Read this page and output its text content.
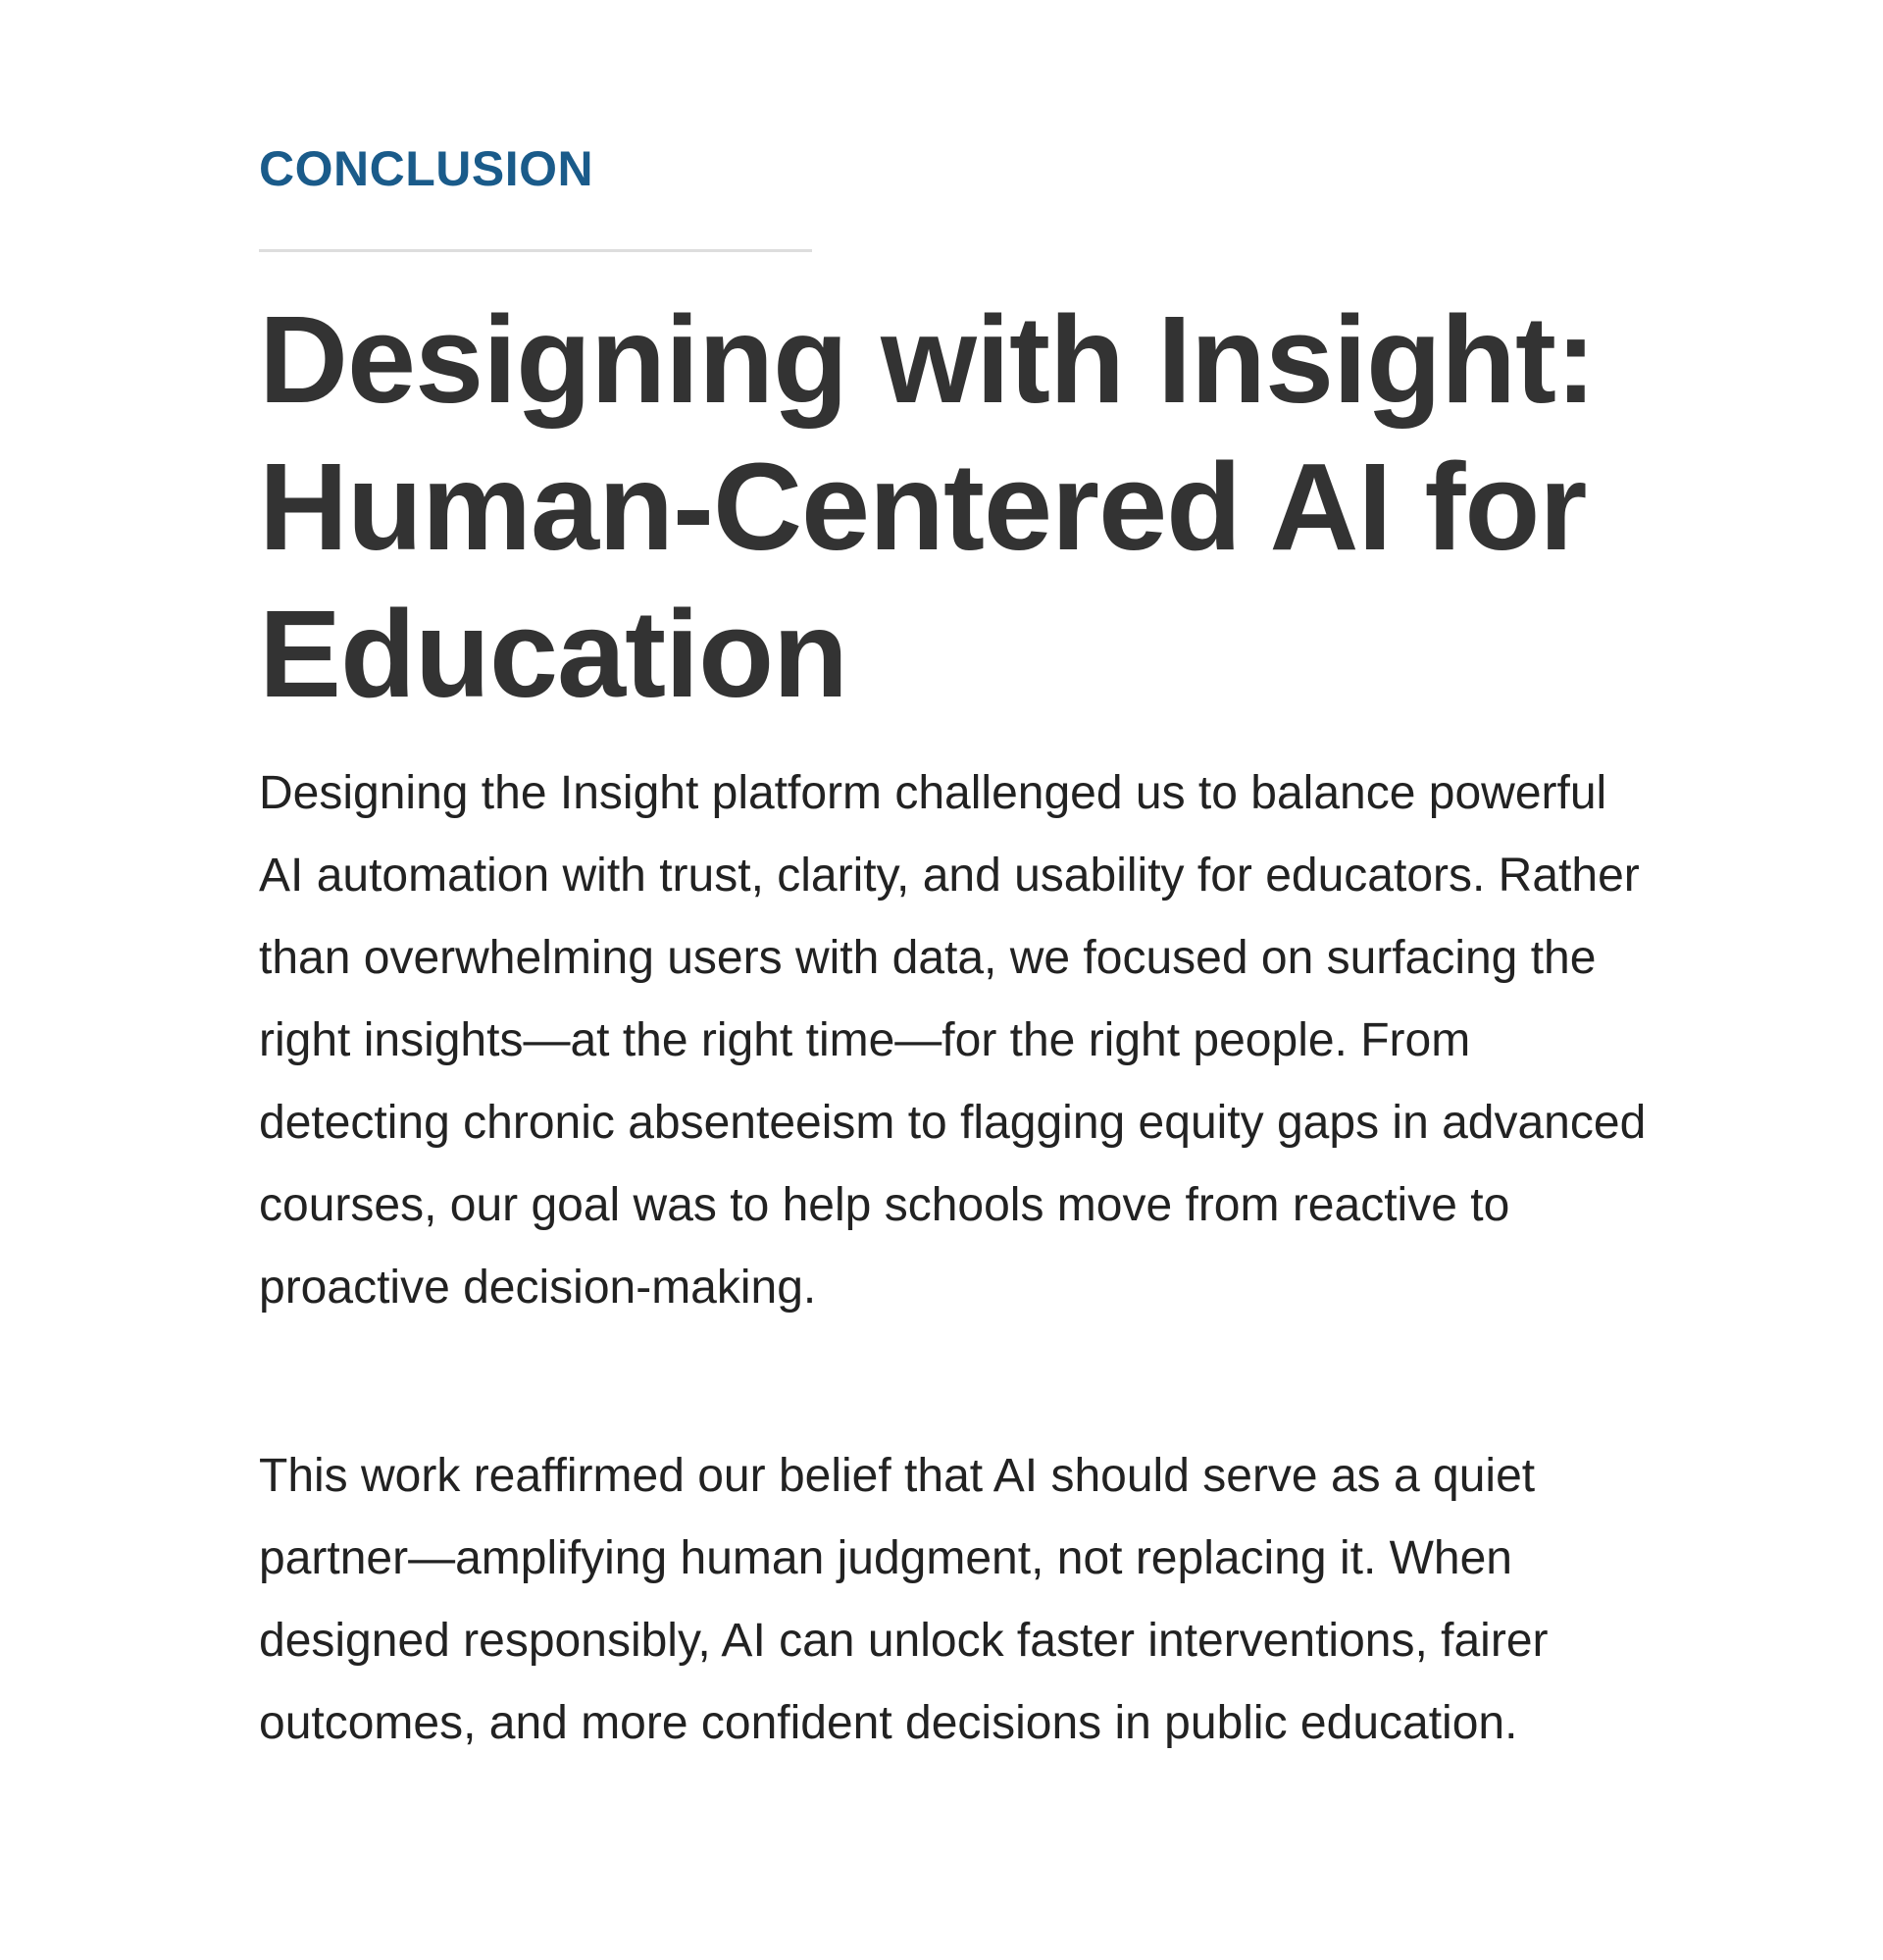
CONCLUSION

Designing with Insight: Human-Centered AI for Education

Designing the Insight platform challenged us to balance powerful AI automation with trust, clarity, and usability for educators. Rather than overwhelming users with data, we focused on surfacing the right insights—at the right time—for the right people. From detecting chronic absenteeism to flagging equity gaps in advanced courses, our goal was to help schools move from reactive to proactive decision-making.

This work reaffirmed our belief that AI should serve as a quiet partner—amplifying human judgment, not replacing it. When designed responsibly, AI can unlock faster interventions, fairer outcomes, and more confident decisions in public education.
